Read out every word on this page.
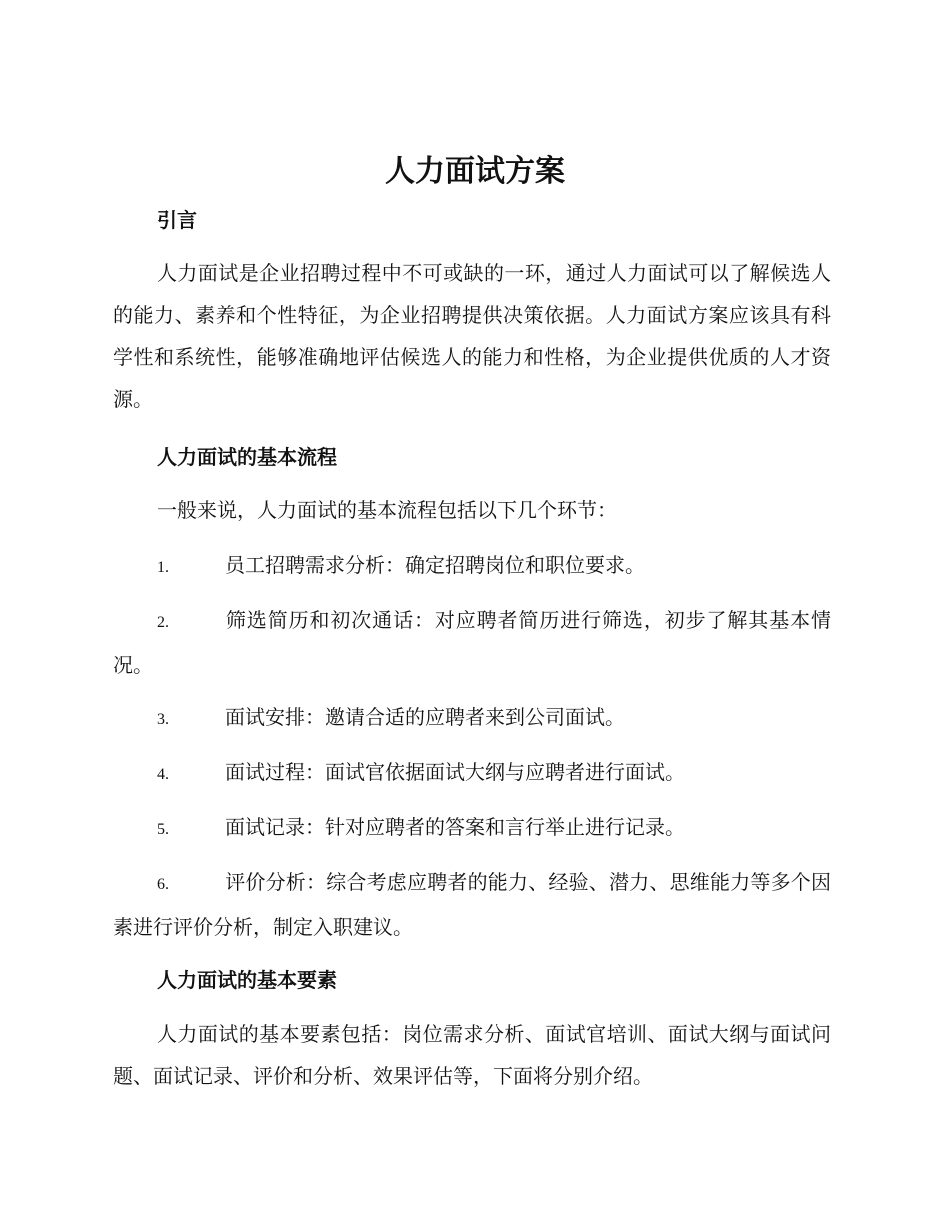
人力面试方案
引言

人力面试是企业招聘过程中不可或缺的一环，通过人力面试可以了解候选人的能力、素养和个性特征，为企业招聘提供决策依据。人力面试方案应该具有科学性和系统性，能够准确地评估候选人的能力和性格，为企业提供优质的人才资源。

人力面试的基本流程

一般来说，人力面试的基本流程包括以下几个环节：

1.	员工招聘需求分析：确定招聘岗位和职位要求。

2.	筛选简历和初次通话：对应聘者简历进行筛选，初步了解其基本情况。

3.	面试安排：邀请合适的应聘者来到公司面试。

4.	面试过程：面试官依据面试大纲与应聘者进行面试。

5.	面试记录：针对应聘者的答案和言行举止进行记录。

6.	评价分析：综合考虑应聘者的能力、经验、潜力、思维能力等多个因素进行评价分析，制定入职建议。

人力面试的基本要素

人力面试的基本要素包括：岗位需求分析、面试官培训、面试大纲与面试问题、面试记录、评价和分析、效果评估等，下面将分别介绍。
